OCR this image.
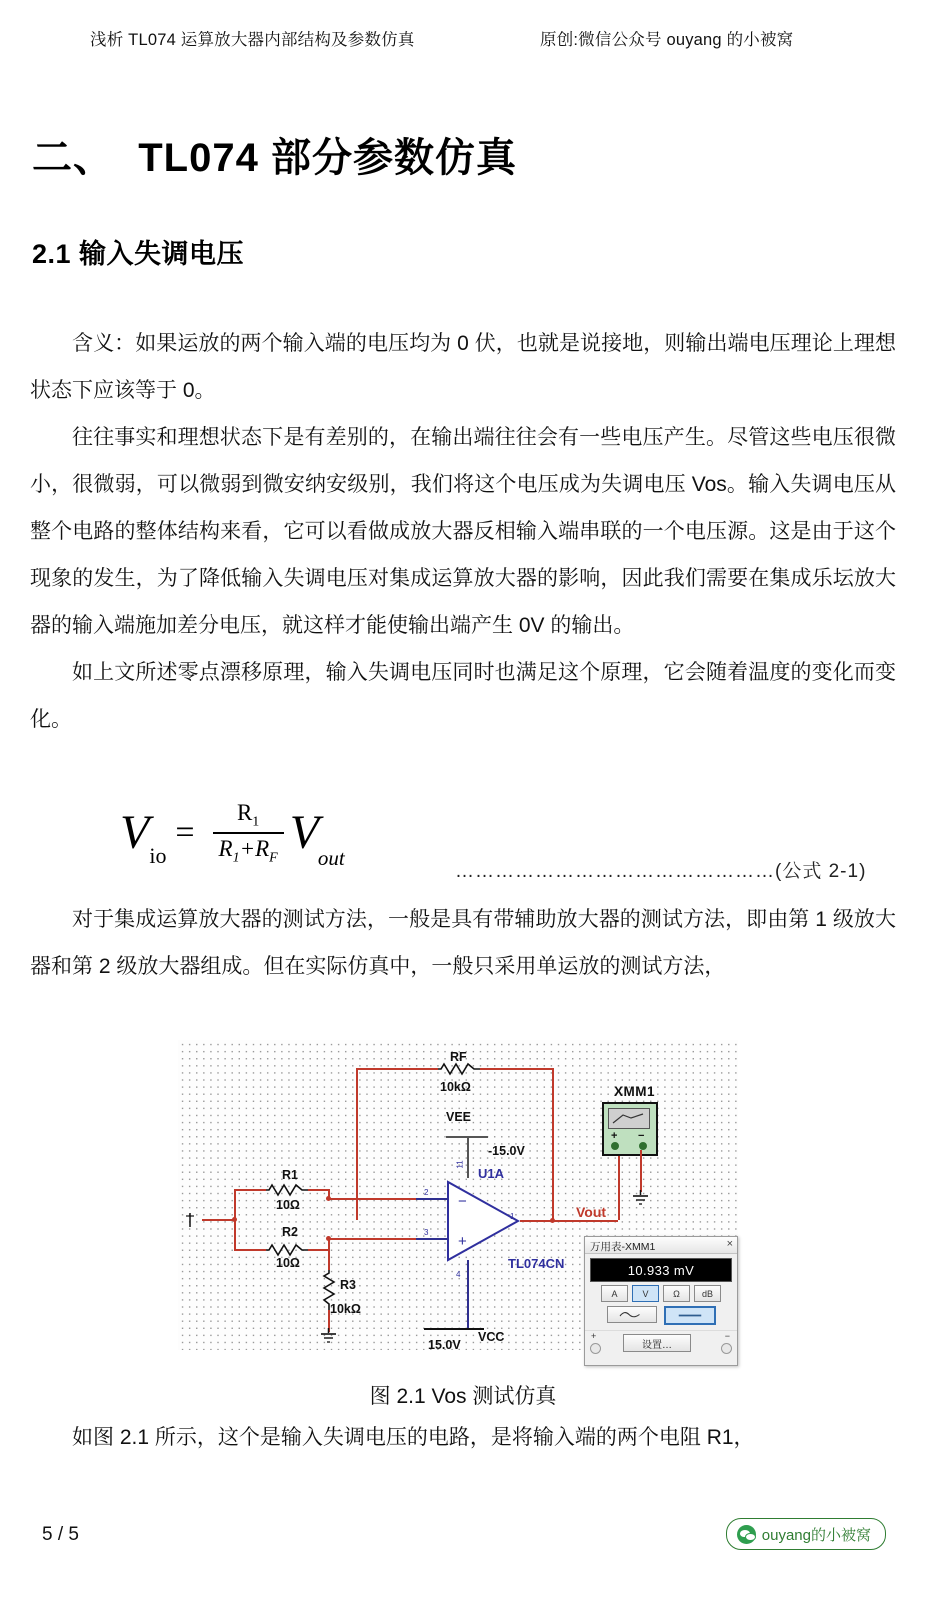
浅析 TL074 运算放大器内部结构及参数仿真	原创:微信公众号 ouyang 的小被窝
二、  TL074 部分参数仿真
2.1 输入失调电压

含义：如果运放的两个输入端的电压均为 0 伏，也就是说接地，则输出端电压理论上理想状态下应该等于 0。

往往事实和理想状态下是有差别的，在输出端往往会有一些电压产生。尽管这些电压很微小，很微弱，可以微弱到微安纳安级别，我们将这个电压成为失调电压 Vos。输入失调电压从整个电路的整体结构来看，它可以看做成放大器反相输入端串联的一个电压源。这是由于这个现象的发生，为了降低输入失调电压对集成运算放大器的影响，因此我们需要在集成乐坛放大器的输入端施加差分电压，就这样才能使输出端产生 0V 的输出。

如上文所述零点漂移原理，输入失调电压同时也满足这个原理，它会随着温度的变化而变化。

V io
= $\frac{R_1}{R_1+R_F}$ V
out
…………………………………………(公式 2-1)

对于集成运算放大器的测试方法，一般是具有带辅助放大器的测试方法，即由第 1 级放大器和第 2 级放大器组成。但在实际仿真中，一般只采用单运放的测试方法，

RF
10kΩ
VEE
-15.0V
11
U1A
TL074CN
−
+
2
3
1
4
R1
10Ω
R2
10Ω
R3
10kΩ
VCC
15.0V
Vout
XMM1
+ −
万用表-XMM1	×
10.933 mV
A	V	Ω	dB
+	−
设置…
图 2.1 Vos 测试仿真

如图 2.1 所示，这个是输入失调电压的电路，是将输入端的两个电阻 R1，

5 / 5	ouyang的小被窝
